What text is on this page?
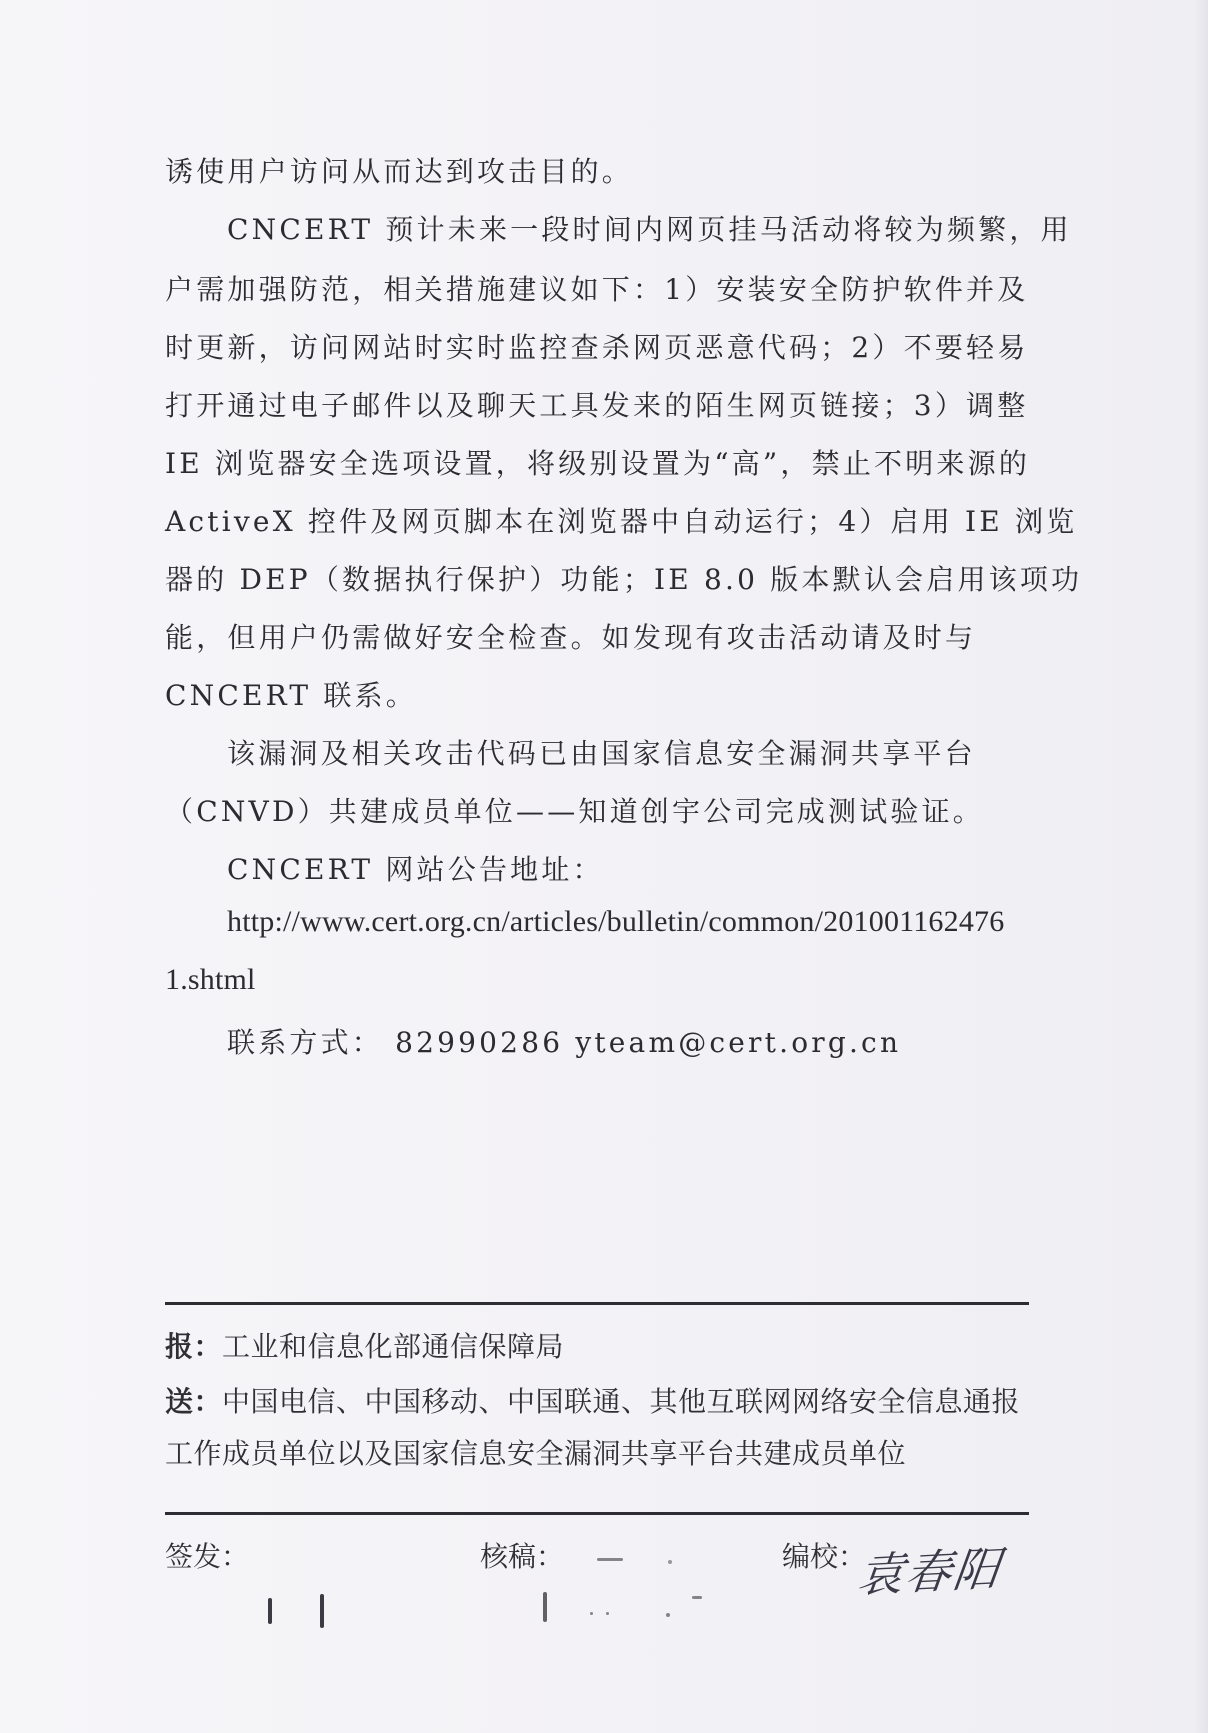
诱使用户访问从而达到攻击目的。
CNCERT 预计未来一段时间内网页挂马活动将较为频繁，用
户需加强防范，相关措施建议如下：1）安装安全防护软件并及
时更新，访问网站时实时监控查杀网页恶意代码；2）不要轻易
打开通过电子邮件以及聊天工具发来的陌生网页链接；3）调整
IE 浏览器安全选项设置，将级别设置为“高”，禁止不明来源的
ActiveX 控件及网页脚本在浏览器中自动运行；4）启用 IE 浏览
器的 DEP（数据执行保护）功能；IE 8.0 版本默认会启用该项功
能，但用户仍需做好安全检查。如发现有攻击活动请及时与
CNCERT 联系。
该漏洞及相关攻击代码已由国家信息安全漏洞共享平台
（CNVD）共建成员单位——知道创宇公司完成测试验证。
CNCERT 网站公告地址：
http://www.cert.org.cn/articles/bulletin/common/201001162476
1.shtml
联系方式： 82990286 yteam@cert.org.cn
报：工业和信息化部通信保障局
送：中国电信、中国移动、中国联通、其他互联网网络安全信息通报
工作成员单位以及国家信息安全漏洞共享平台共建成员单位
签发：	核稿：	编校：
袁春阳
